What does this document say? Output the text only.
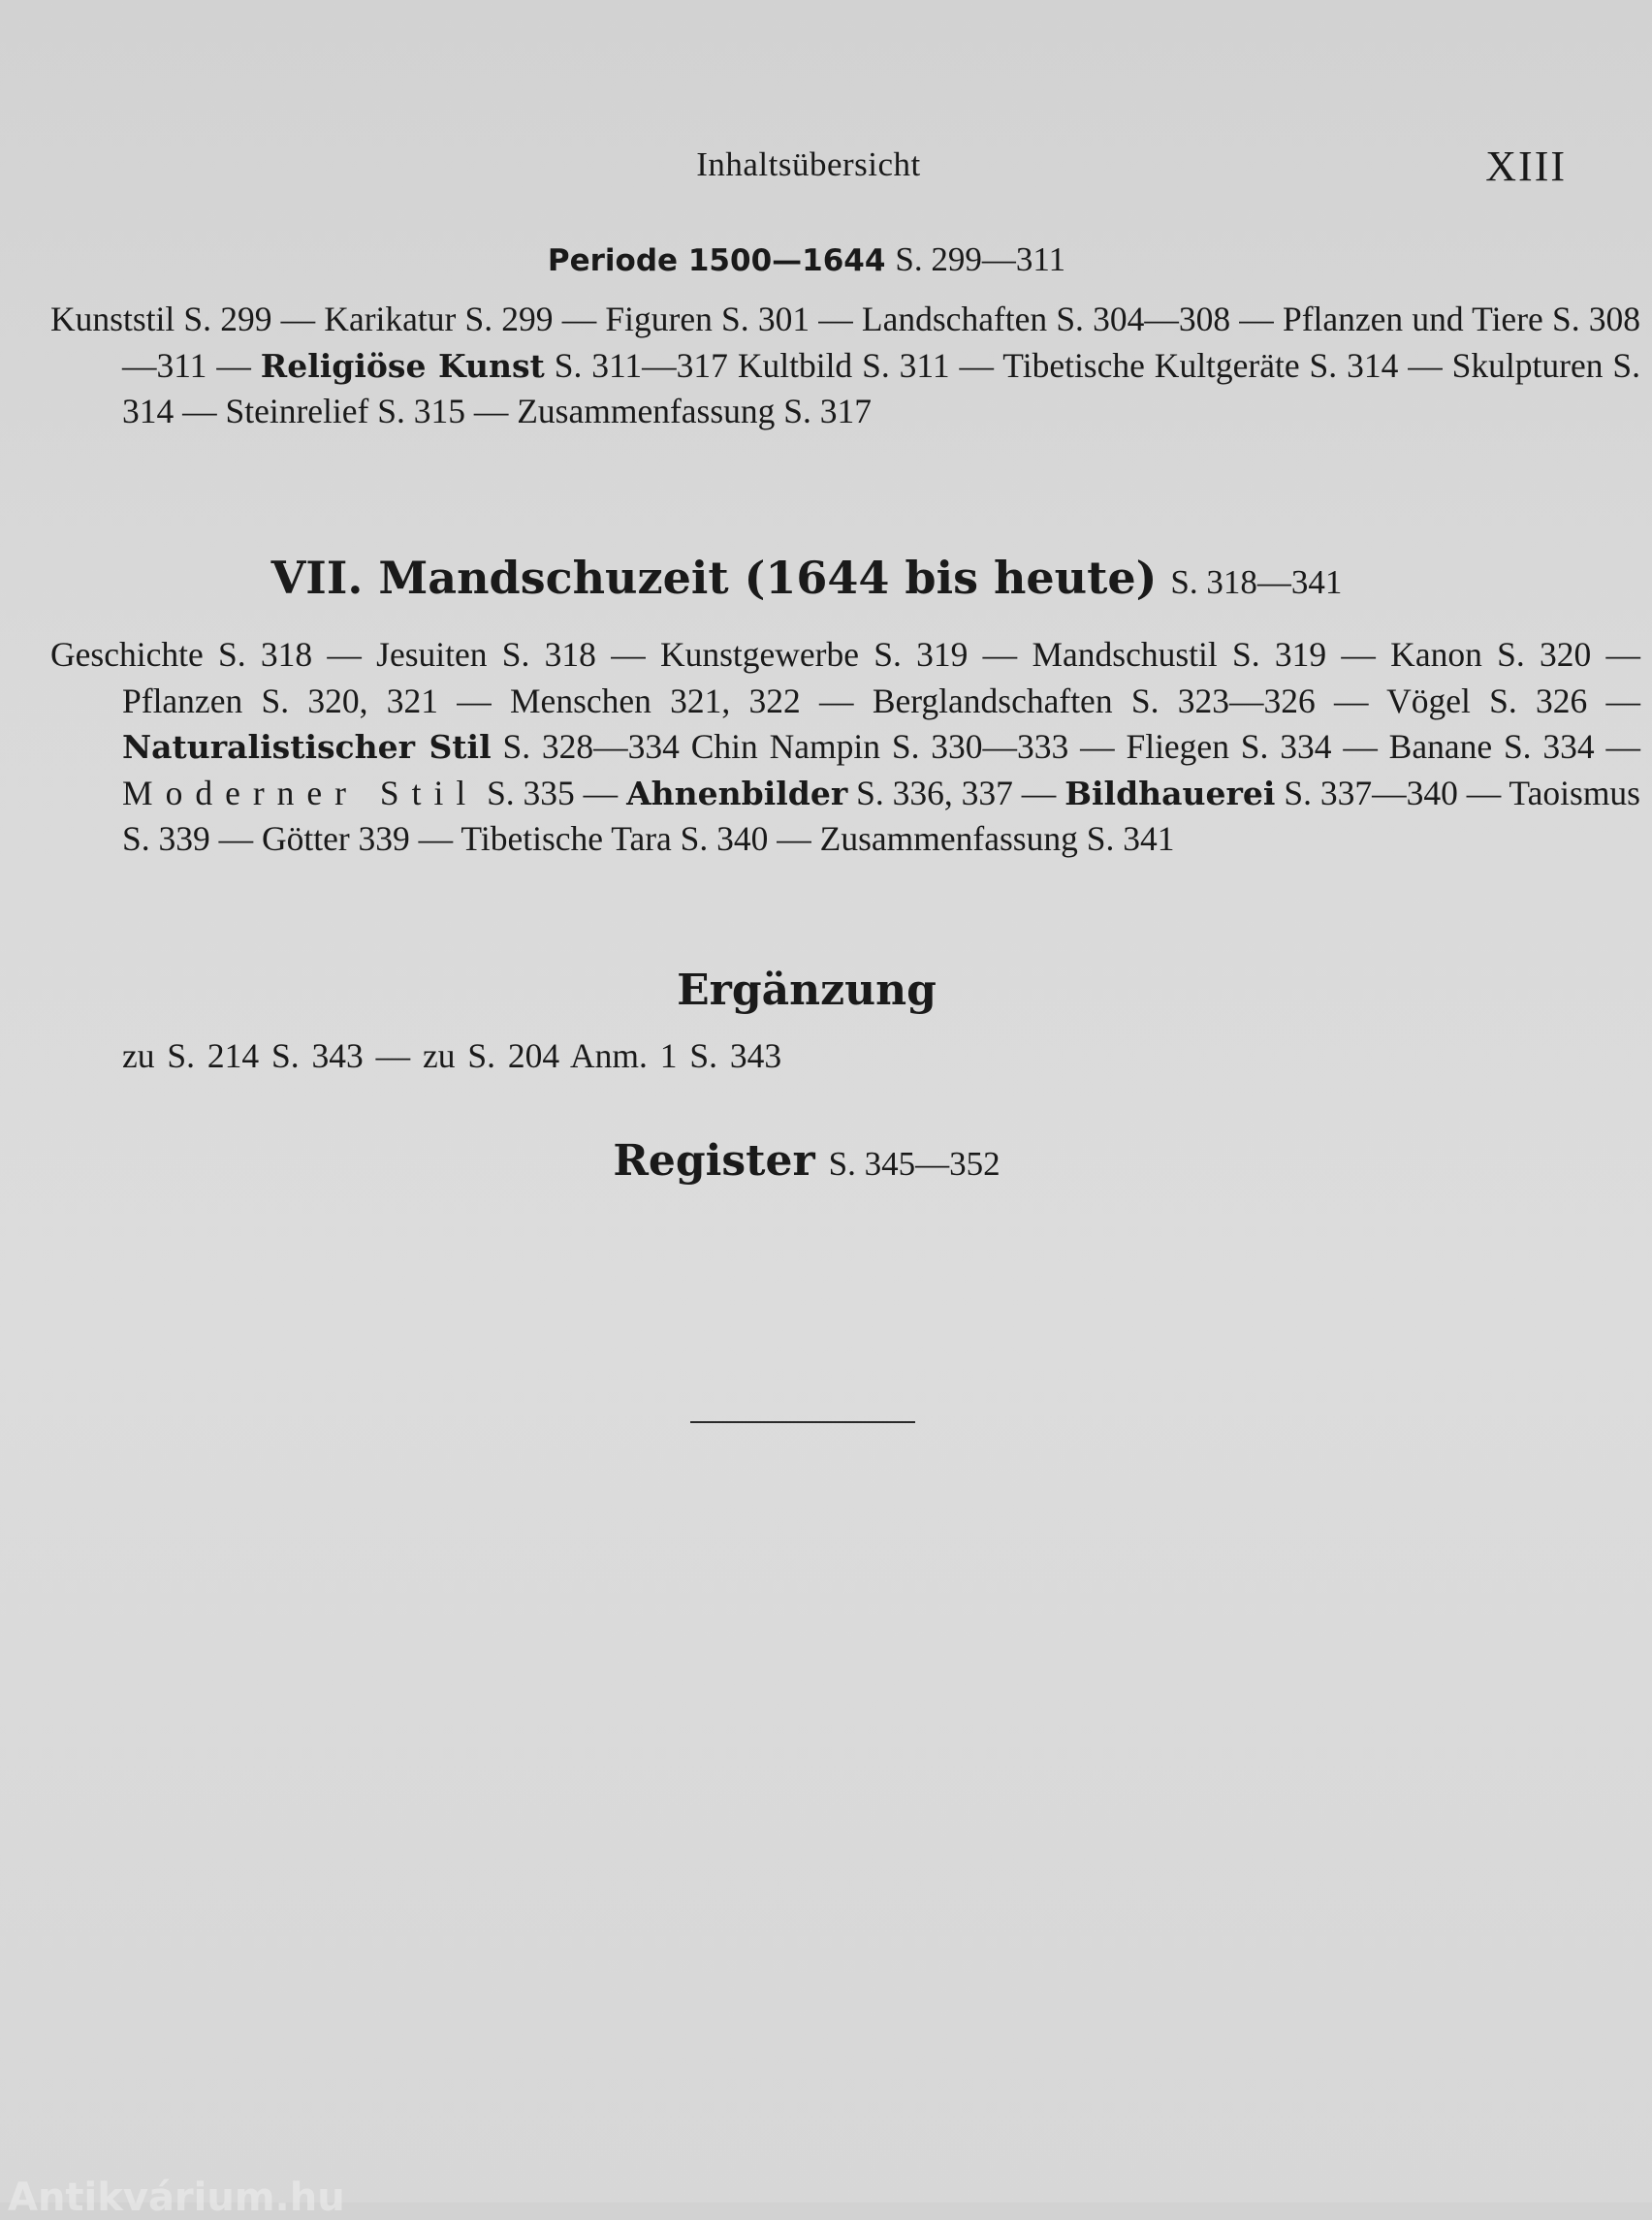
Inhaltsübersicht	XIII
Periode 1500—1644 S. 299—311
Kunststil S. 299 — Karikatur S. 299 — Figuren S. 301 — Landschaften S. 304—308 — Pflanzen und Tiere S. 308—311 — Religiöse Kunst S. 311—317 Kultbild S. 311 — Tibetische Kultgeräte S. 314 — Skulpturen S. 314 — Steinrelief S. 315 — Zusammenfassung S. 317
VII. Mandschuzeit (1644 bis heute) S. 318—341
Geschichte S. 318 — Jesuiten S. 318 — Kunstgewerbe S. 319 — Mandschustil S. 319 — Kanon S. 320 — Pflanzen S. 320, 321 — Menschen 321, 322 — Berglandschaften S. 323—326 — Vögel S. 326 — Naturalistischer Stil S. 328—334 Chin Nampin S. 330—333 — Fliegen S. 334 — Banane S. 334 — Moderner Stil S. 335 — Ahnenbilder S. 336, 337 — Bildhauerei S. 337—340 — Taoismus S. 339 — Götter 339 — Tibetische Tara S. 340 — Zusammenfassung S. 341
Ergänzung
zu S. 214 S. 343 — zu S. 204 Anm. 1 S. 343
Register S. 345—352
Antikvárium.hu
